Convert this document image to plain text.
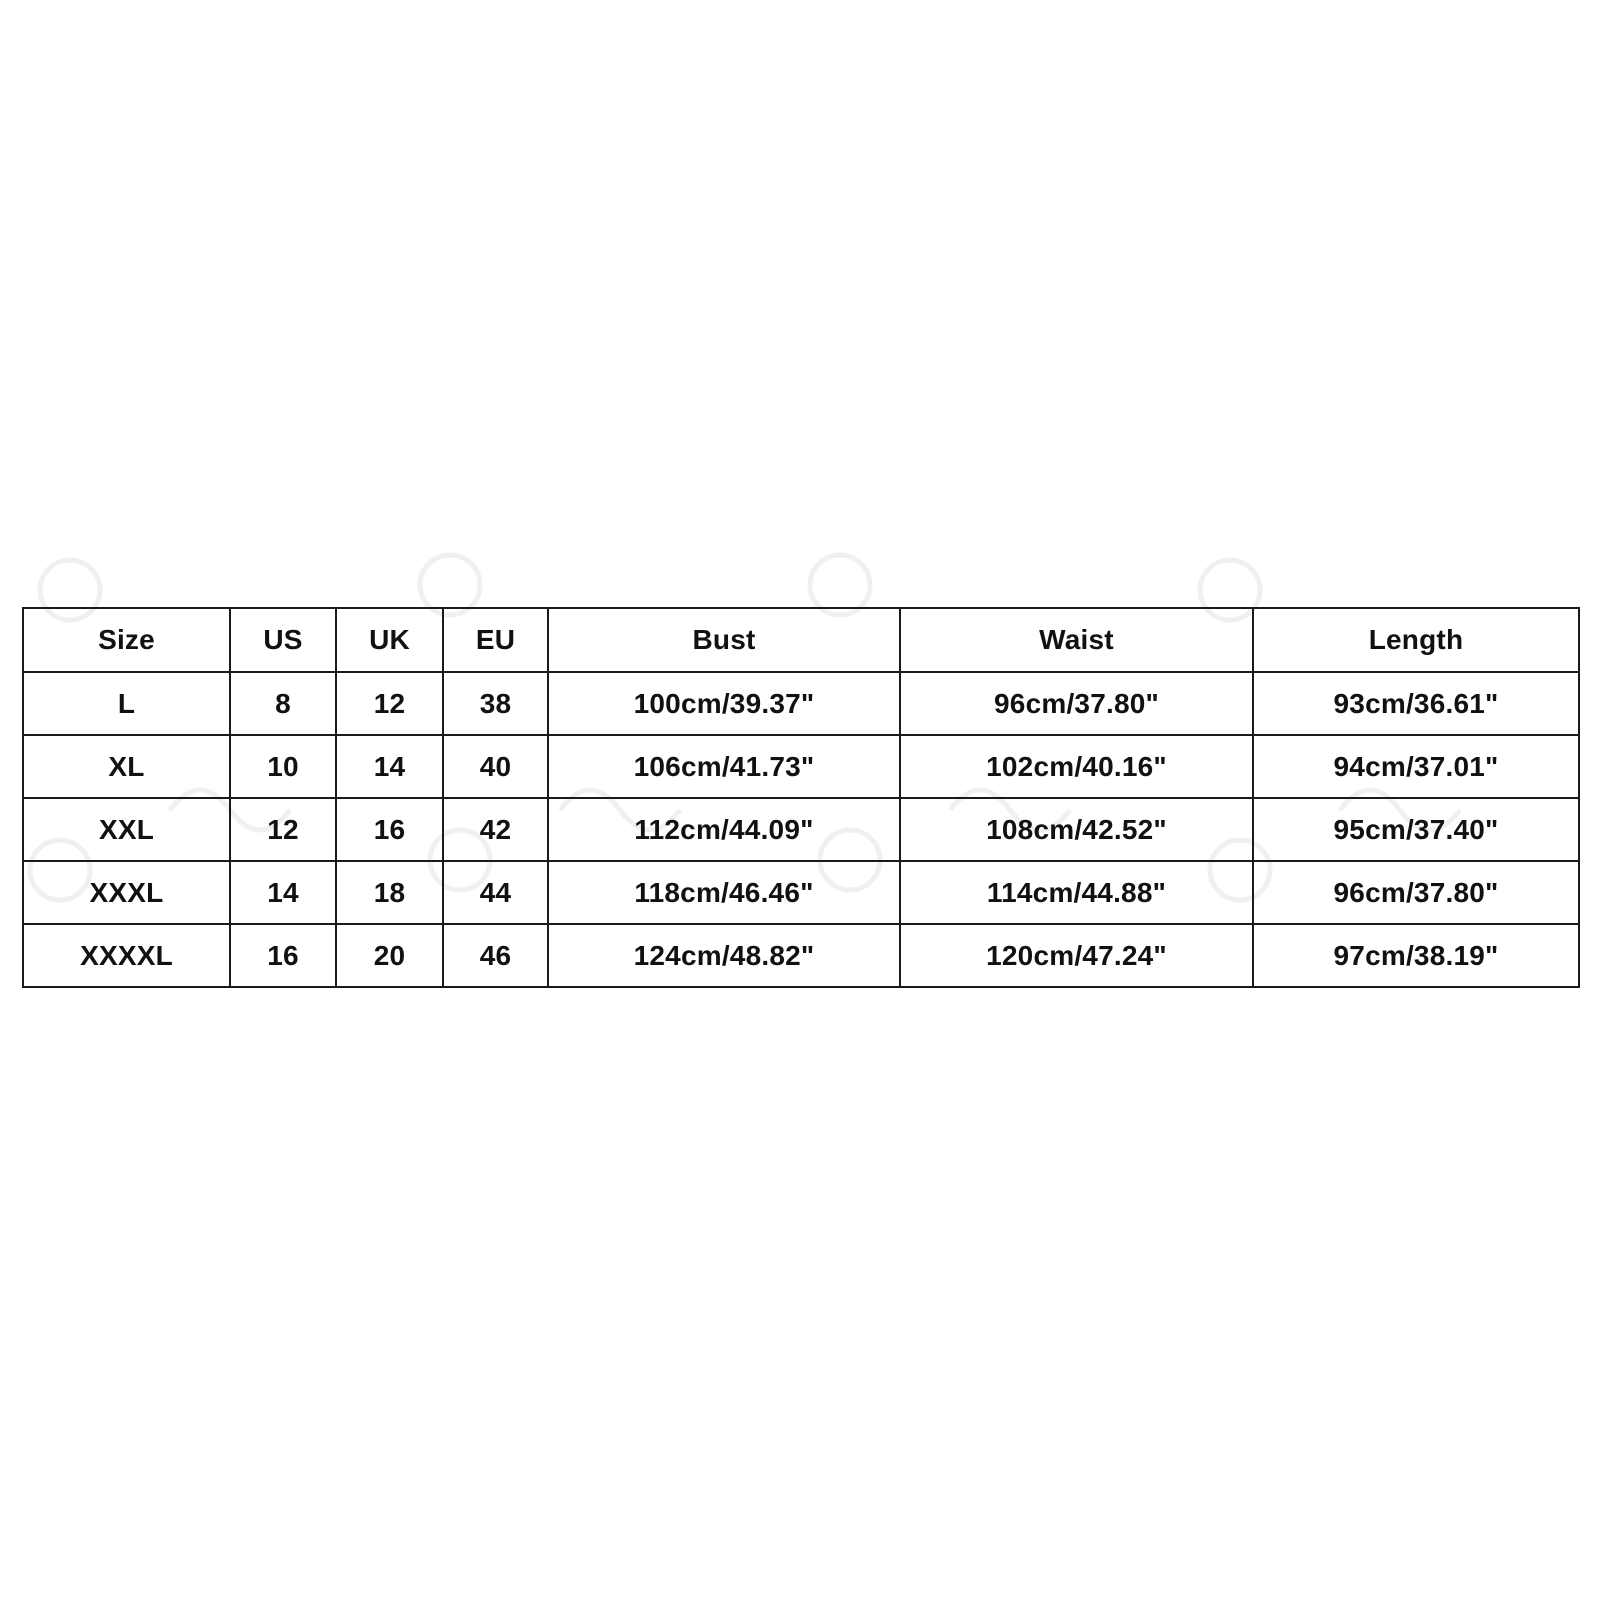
Size	US	UK	EU	Bust	Waist	Length
L	8	12	38	100cm/39.37"	96cm/37.80"	93cm/36.61"
XL	10	14	40	106cm/41.73"	102cm/40.16"	94cm/37.01"
XXL	12	16	42	112cm/44.09"	108cm/42.52"	95cm/37.40"
XXXL	14	18	44	118cm/46.46"	114cm/44.88"	96cm/37.80"
XXXXL	16	20	46	124cm/48.82"	120cm/47.24"	97cm/38.19"
